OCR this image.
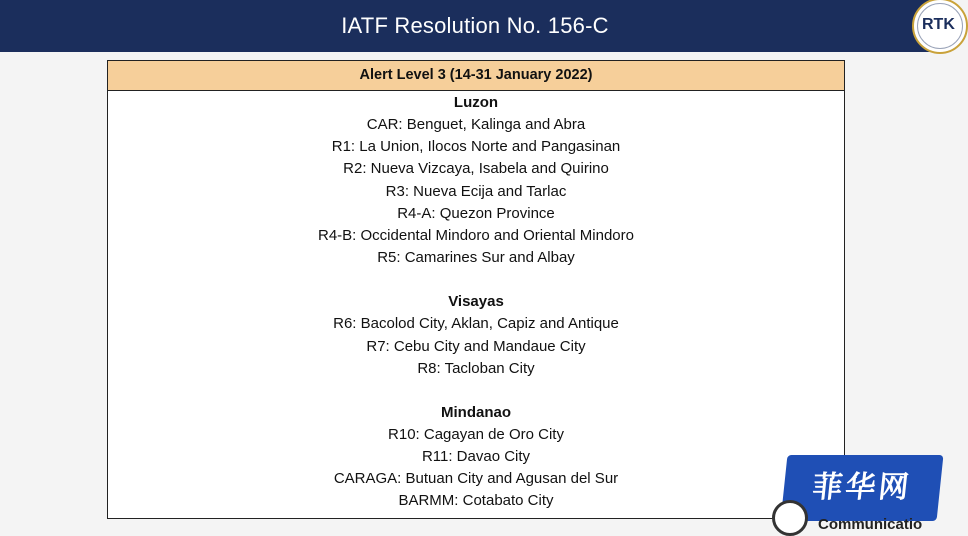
IATF Resolution No. 156-C	RTK
Alert Level 3 (14-31 January 2022)
Luzon
CAR: Benguet, Kalinga and Abra
R1: La Union, Ilocos Norte and Pangasinan
R2: Nueva Vizcaya, Isabela and Quirino
R3: Nueva Ecija and Tarlac
R4-A: Quezon Province
R4-B: Occidental Mindoro and Oriental Mindoro
R5: Camarines Sur and Albay
Visayas
R6: Bacolod City, Aklan, Capiz and Antique
R7: Cebu City and Mandaue City
R8: Tacloban City
Mindanao
R10: Cagayan de Oro City
R11: Davao City
CARAGA: Butuan City and Agusan del Sur
BARMM: Cotabato City	菲华网
Communicatio
